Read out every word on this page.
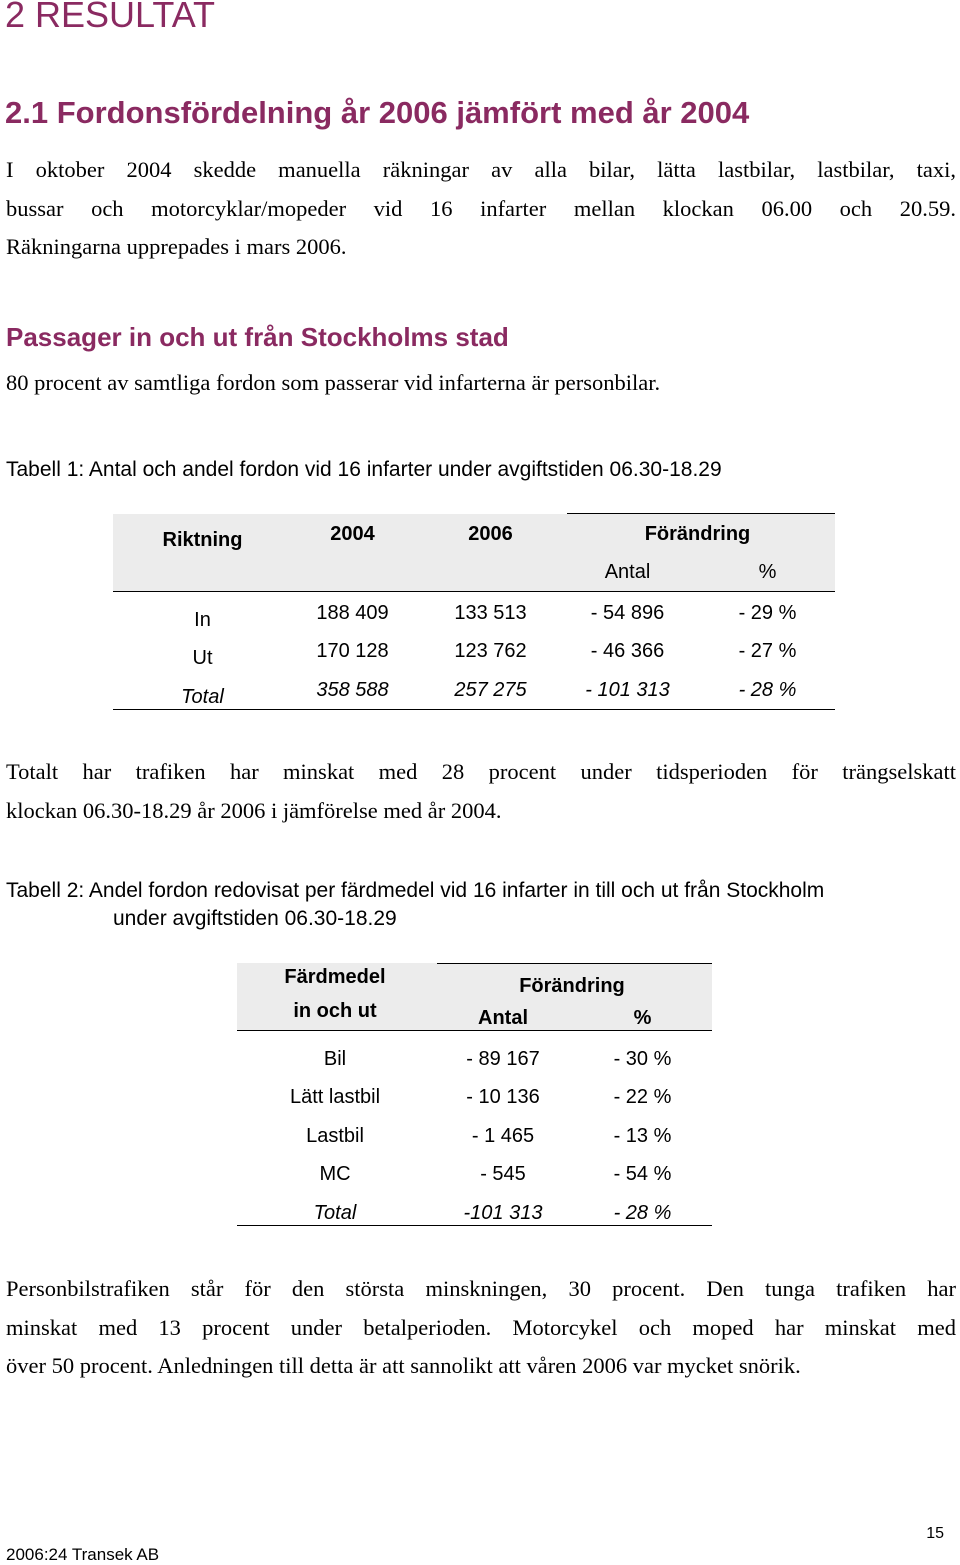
2 RESULTAT
2.1 Fordonsfördelning år 2006 jämfört med år 2004
I oktober 2004 skedde manuella räkningar av alla bilar, lätta lastbilar, lastbilar, taxi,
bussar och motorcyklar/mopeder vid 16 infarter mellan klockan 06.00 och 20.59.
Räkningarna upprepades i mars 2006.
Passager in och ut från Stockholms stad
80 procent av samtliga fordon som passerar vid infarterna är personbilar.
Tabell 1: Antal och andel fordon vid 16 infarter under avgiftstiden 06.30-18.29
Riktning	2004	2006	Förändring
Antal	%
In	188 409	133 513	- 54 896	- 29 %
Ut	170 128	123 762	- 46 366	- 27 %
Total	358 588	257 275	- 101 313	- 28 %
Totalt har trafiken har minskat med 28 procent under tidsperioden för trängselskatt
klockan 06.30-18.29 år 2006 i jämförelse med år 2004.
Tabell 2: Andel fordon redovisat per färdmedel vid 16 infarter in till och ut från Stockholm
under avgiftstiden 06.30-18.29
Färdmedel
in och ut
Förändring
Antal	%
Bil	- 89 167	- 30 %
Lätt lastbil	- 10 136	- 22 %
Lastbil	- 1 465	- 13 %
MC	- 545	- 54 %
Total	-101 313	- 28 %
Personbilstrafiken står för den största minskningen, 30 procent. Den tunga trafiken har
minskat med 13 procent under betalperioden. Motorcykel och moped har minskat med
över 50 procent. Anledningen till detta är att sannolikt att våren 2006 var mycket snörik.
15
2006:24 Transek AB
